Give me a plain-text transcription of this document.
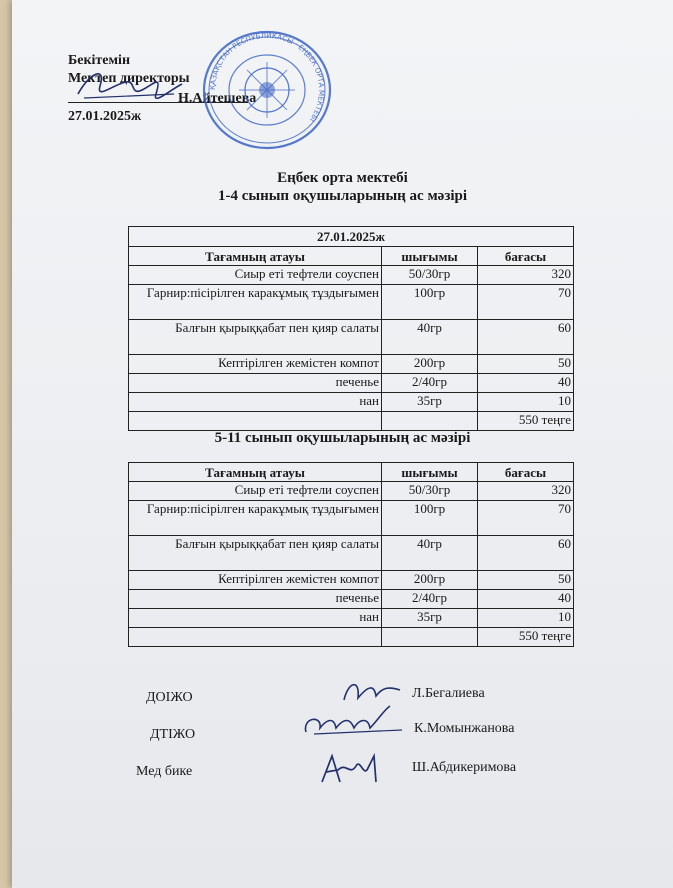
Бекітемін
Мектеп директоры
Н.Айтешева
27.01.2025ж
ҚАЗАҚСТАН РЕСПУБЛИКАСЫ · ЕҢБЕК ОРТА МЕКТЕБІ
Еңбек орта мектебі
1-4 сынып оқушыларының ас мәзірі
27.01.2025ж		
Тағамның атауы	шығымы	бағасы
Сиыр еті тефтели соуспен	50/30гр	320
Гарнир:пісірілген каракұмық тұздығымен	100гр	70
Балғын қырыққабат пен қияр салаты	40гр	60
Кептірілген жемістен компот	200гр	50
печенье	2/40гр	40
нан	35гр	10
		550 теңге
5-11 сынып оқушыларының ас мәзірі
Тағамның атауы	шығымы	бағасы
Сиыр еті тефтели соуспен	50/30гр	320
Гарнир:пісірілген каракұмық тұздығымен	100гр	70
Балғын қырыққабат пен қияр салаты	40гр	60
Кептірілген жемістен компот	200гр	50
печенье	2/40гр	40
нан	35гр	10
		550 теңге
ДОІЖО	Л.Бегалиева
ДТІЖО	К.Момынжанова
Мед бике	Ш.Абдикеримова
